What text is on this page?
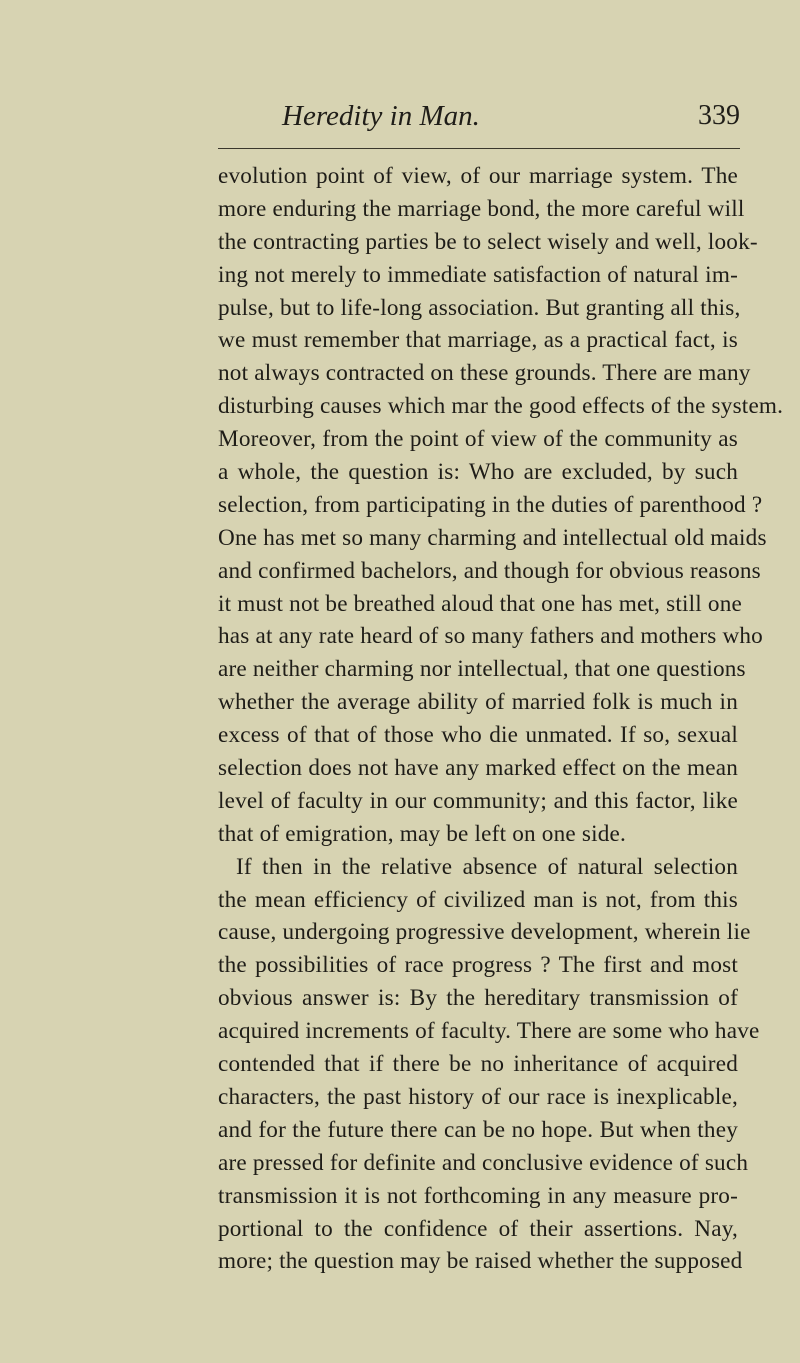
Heredity in Man.	339
evolution point of view, of our marriage system. The
more enduring the marriage bond, the more careful will
the contracting parties be to select wisely and well, look-
ing not merely to immediate satisfaction of natural im-
pulse, but to life-long association. But granting all this,
we must remember that marriage, as a practical fact, is
not always contracted on these grounds. There are many
disturbing causes which mar the good effects of the system.
Moreover, from the point of view of the community as
a whole, the question is: Who are excluded, by such
selection, from participating in the duties of parenthood ?
One has met so many charming and intellectual old maids
and confirmed bachelors, and though for obvious reasons
it must not be breathed aloud that one has met, still one
has at any rate heard of so many fathers and mothers who
are neither charming nor intellectual, that one questions
whether the average ability of married folk is much in
excess of that of those who die unmated. If so, sexual
selection does not have any marked effect on the mean
level of faculty in our community; and this factor, like
that of emigration, may be left on one side.
If then in the relative absence of natural selection
the mean efficiency of civilized man is not, from this
cause, undergoing progressive development, wherein lie
the possibilities of race progress ? The first and most
obvious answer is: By the hereditary transmission of
acquired increments of faculty. There are some who have
contended that if there be no inheritance of acquired
characters, the past history of our race is inexplicable,
and for the future there can be no hope. But when they
are pressed for definite and conclusive evidence of such
transmission it is not forthcoming in any measure pro-
portional to the confidence of their assertions. Nay,
more; the question may be raised whether the supposed
